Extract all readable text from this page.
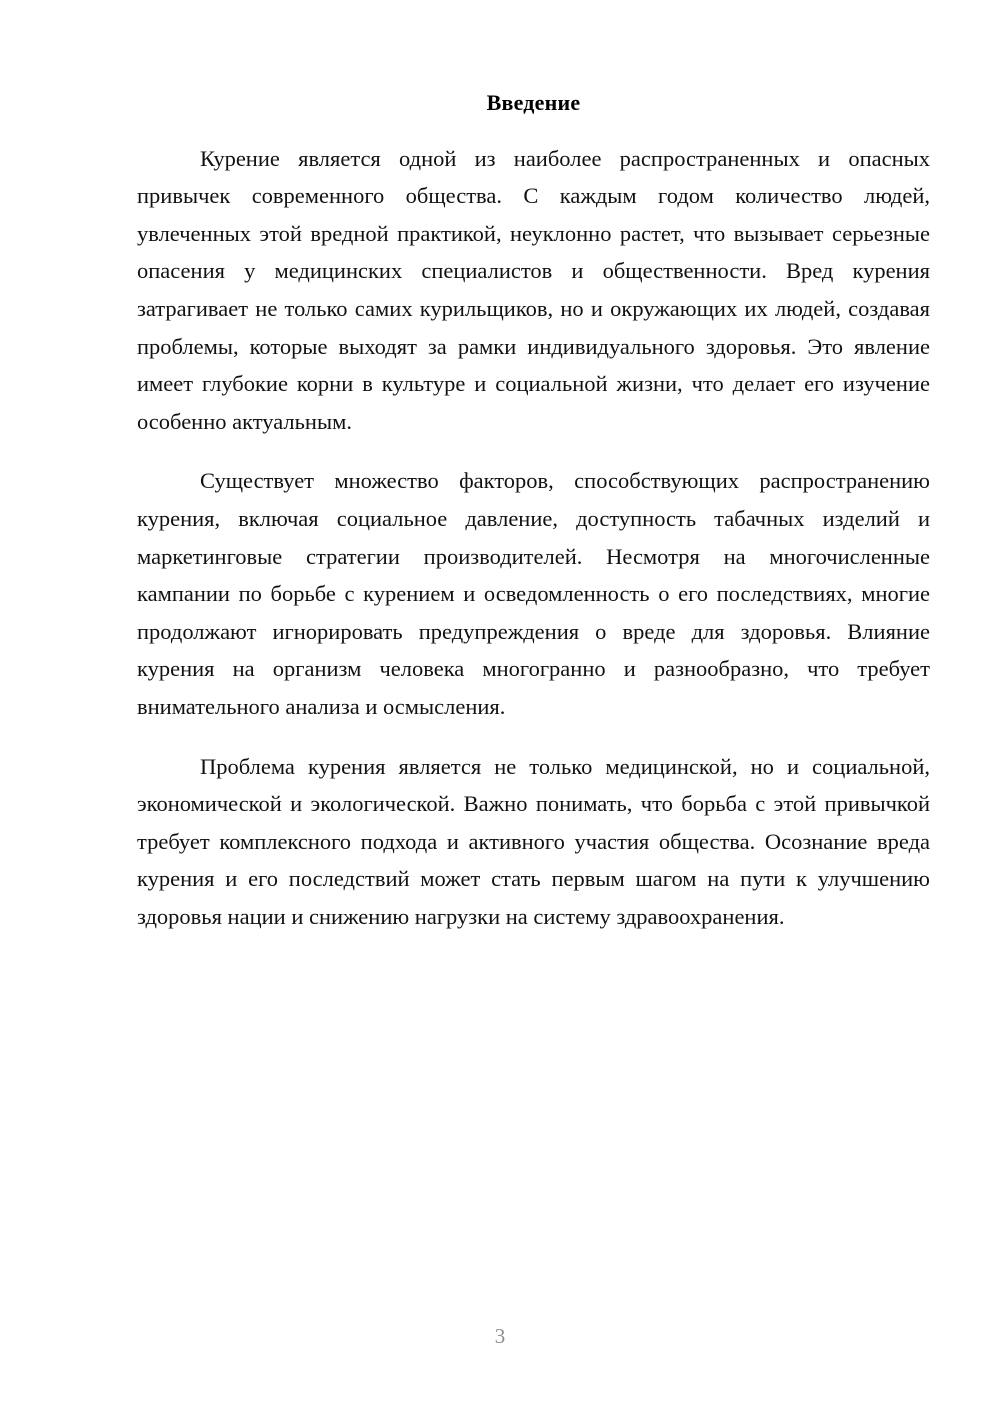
Введение

Курение является одной из наиболее распространенных и опасных привычек современного общества. С каждым годом количество людей, увлеченных этой вредной практикой, неуклонно растет, что вызывает серьезные опасения у медицинских специалистов и общественности. Вред курения затрагивает не только самих курильщиков, но и окружающих их людей, создавая проблемы, которые выходят за рамки индивидуального здоровья. Это явление имеет глубокие корни в культуре и социальной жизни, что делает его изучение особенно актуальным.

Существует множество факторов, способствующих распространению курения, включая социальное давление, доступность табачных изделий и маркетинговые стратегии производителей. Несмотря на многочисленные кампании по борьбе с курением и осведомленность о его последствиях, многие продолжают игнорировать предупреждения о вреде для здоровья. Влияние курения на организм человека многогранно и разнообразно, что требует внимательного анализа и осмысления.

Проблема курения является не только медицинской, но и социальной, экономической и экологической. Важно понимать, что борьба с этой привычкой требует комплексного подхода и активного участия общества. Осознание вреда курения и его последствий может стать первым шагом на пути к улучшению здоровья нации и снижению нагрузки на систему здравоохранения.

3
